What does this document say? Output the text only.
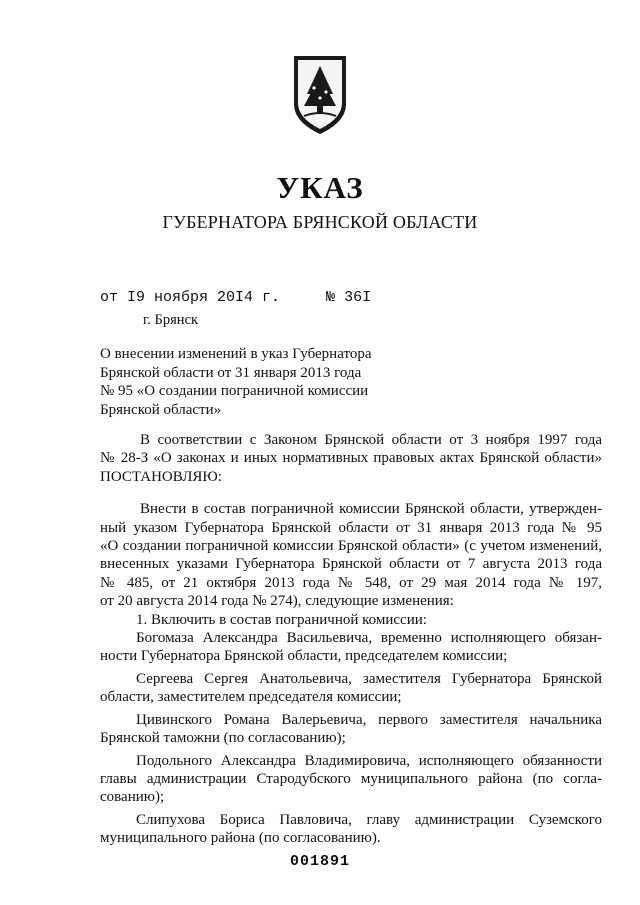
УКАЗ
ГУБЕРНАТОРА БРЯНСКОЙ ОБЛАСТИ
от I9 ноября 20I4 г.	№ 36I
г. Брянск
О внесении изменений в указ Губернатора
Брянской области от 31 января 2013 года
№ 95 «О создании пограничной комиссии
Брянской области»
В соответствии с Законом Брянской области от 3 ноября 1997 года
№ 28-З «О законах и иных нормативных правовых актах Брянской области»
ПОСТАНОВЛЯЮ:
Внести в состав пограничной комиссии Брянской области, утвержден-
ный указом Губернатора Брянской области от 31 января 2013 года № 95
«О создании пограничной комиссии Брянской области» (с учетом изменений,
внесенных указами Губернатора Брянской области от 7 августа 2013 года
№ 485, от 21 октября 2013 года № 548, от 29 мая 2014 года № 197,
от 20 августа 2014 года № 274), следующие изменения:
1. Включить в состав пограничной комиссии:
Богомаза Александра Васильевича, временно исполняющего обязан-
ности Губернатора Брянской области, председателем комиссии;
Сергеева Сергея Анатольевича, заместителя Губернатора Брянской
области, заместителем председателя комиссии;
Цивинского Романа Валерьевича, первого заместителя начальника
Брянской таможни (по согласованию);
Подольного Александра Владимировича, исполняющего обязанности
главы администрации Стародубского муниципального района (по согла-
сованию);
Слипухова Бориса Павловича, главу администрации Суземского
муниципального района (по согласованию).
001891
